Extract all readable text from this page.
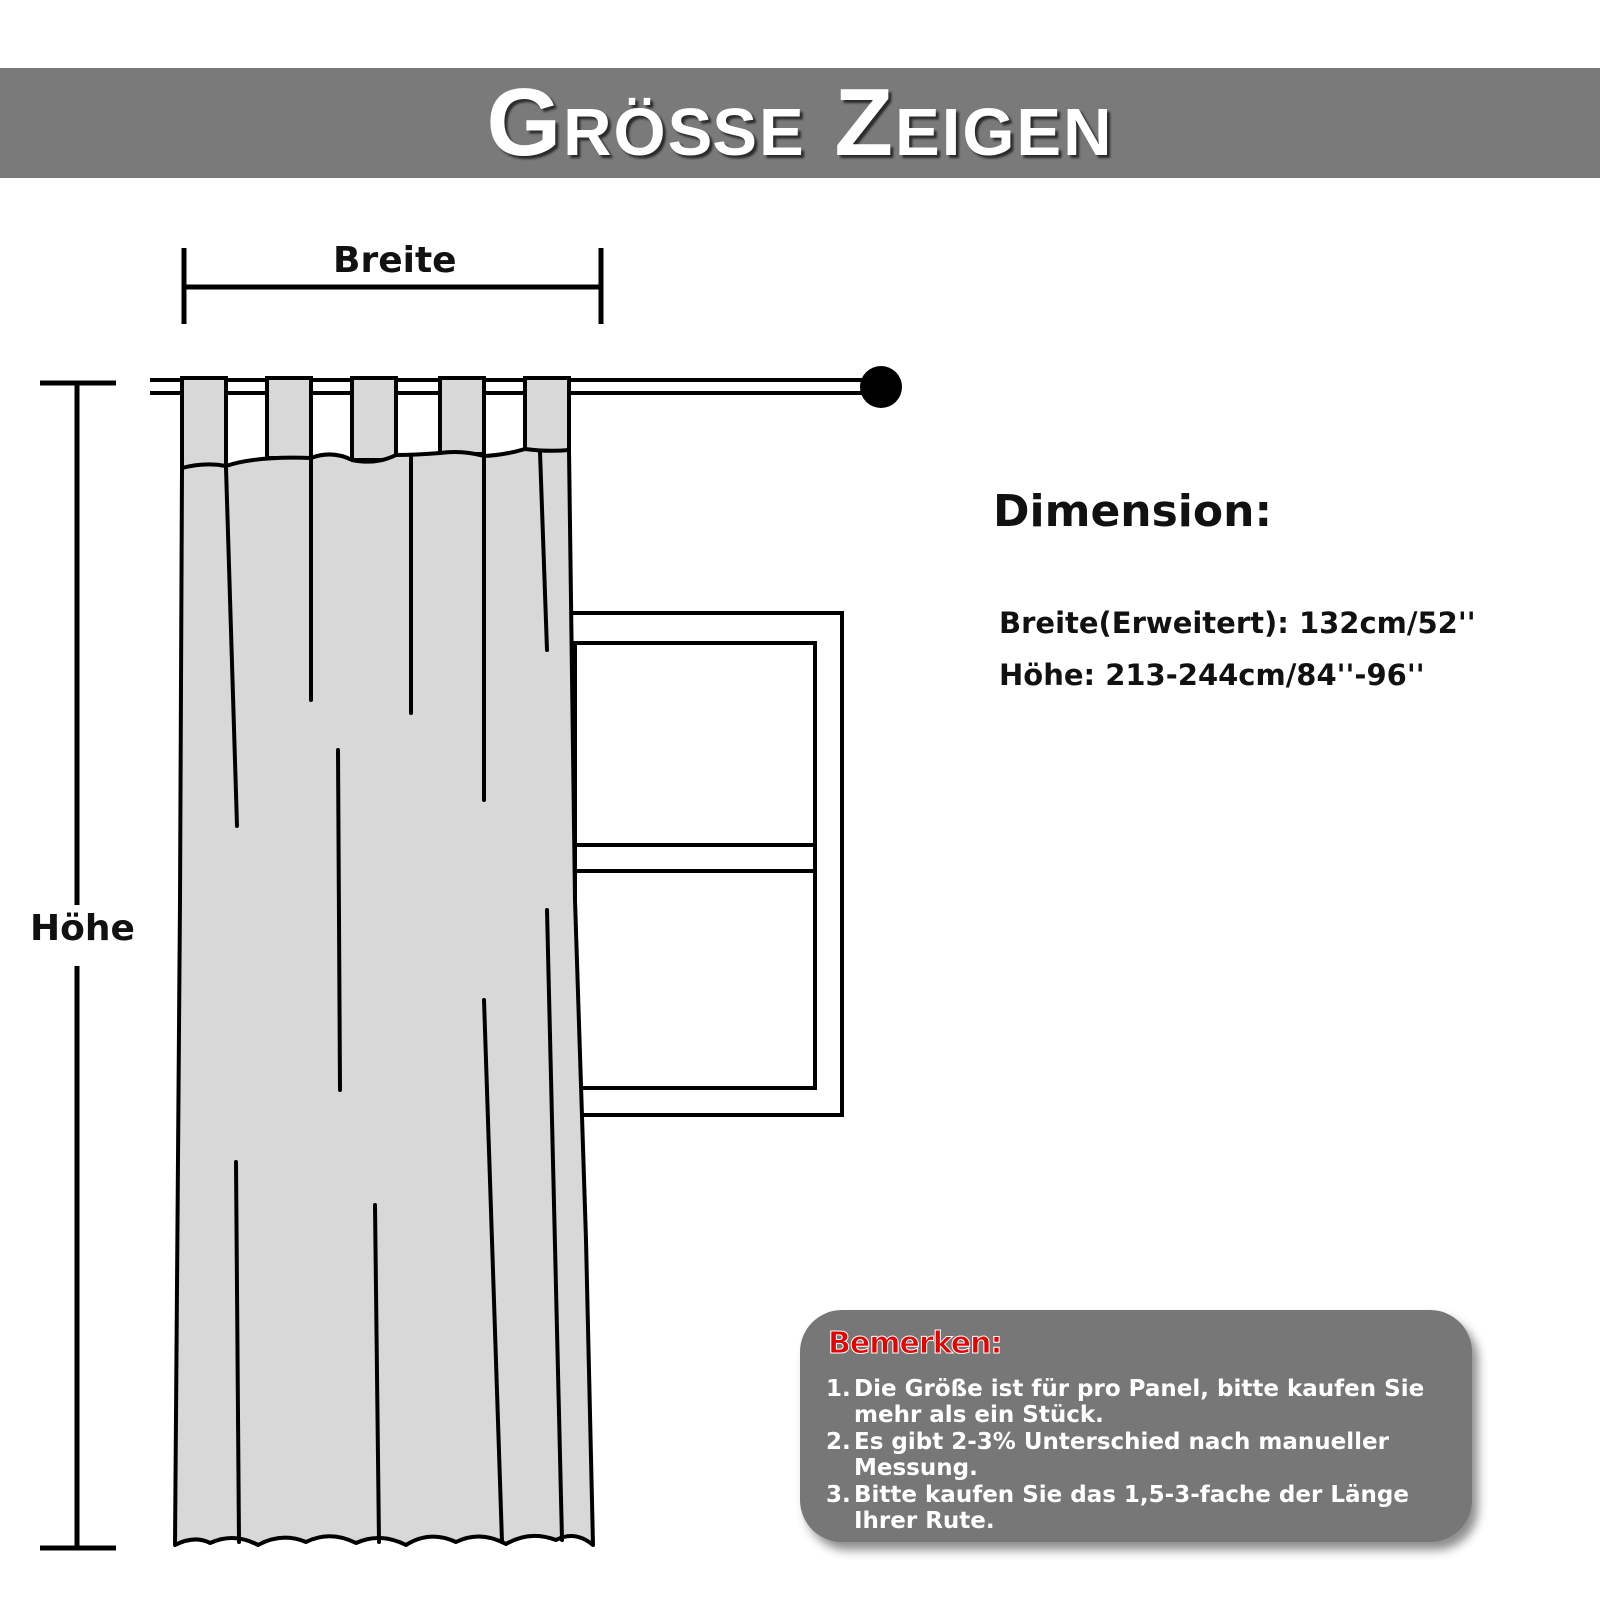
Größe Zeigen
Breite
Höhe
Dimension:
Breite(Erweitert): 132cm/52''
Höhe: 213-244cm/84''-96''
Bemerken:
1. Die Größe ist für pro Panel, bitte kaufen Sie mehr als ein Stück.
2. Es gibt 2-3% Unterschied nach manueller Messung.
3. Bitte kaufen Sie das 1,5-3-fache der Länge Ihrer Rute.
